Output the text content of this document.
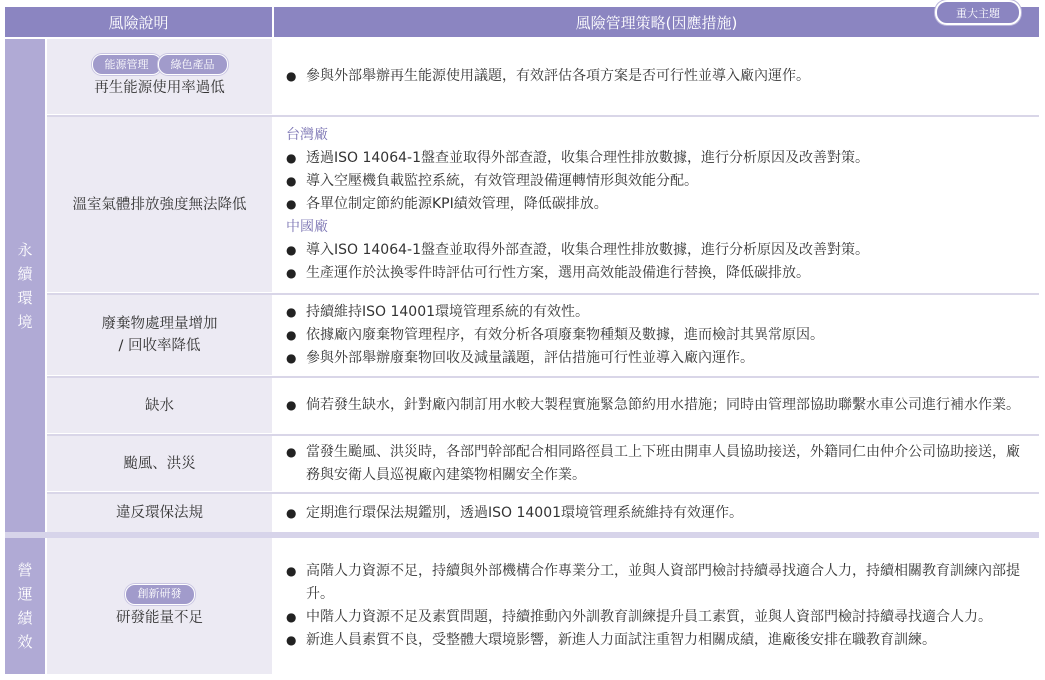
風險說明	風險管理策略(因應措施)
重大主題
永
續
環
境
能源管理	綠色產品
再生能源使用率過低
● 參與外部舉辦再生能源使用議題，有效評估各項方案是否可行性並導入廠內運作。
溫室氣體排放強度無法降低
台灣廠
● 透過ISO 14064-1盤查並取得外部查證，收集合理性排放數據，進行分析原因及改善對策。
● 導入空壓機負載監控系統，有效管理設備運轉情形與效能分配。
● 各單位制定節約能源KPI績效管理，降低碳排放。
中國廠
● 導入ISO 14064-1盤查並取得外部查證，收集合理性排放數據，進行分析原因及改善對策。
● 生產運作於汰換零件時評估可行性方案，選用高效能設備進行替換，降低碳排放。
廢棄物處理量增加
/ 回收率降低
● 持續維持ISO 14001環境管理系統的有效性。
● 依據廠內廢棄物管理程序，有效分析各項廢棄物種類及數據，進而檢討其異常原因。
● 參與外部舉辦廢棄物回收及減量議題，評估措施可行性並導入廠內運作。
缺水	● 倘若發生缺水，針對廠內制訂用水較大製程實施緊急節約用水措施；同時由管理部協助聯繫水車公司進行補水作業。
颱風、洪災
● 當發生颱風、洪災時，各部門幹部配合相同路徑員工上下班由開車人員協助接送，外籍同仁由仲介公司協助接送，廠務與安衛人員巡視廠內建築物相關安全作業。
違反環保法規	● 定期進行環保法規鑑別，透過ISO 14001環境管理系統維持有效運作。
營
運
績
效
創新研發
研發能量不足
● 高階人力資源不足，持續與外部機構合作專業分工，並與人資部門檢討持續尋找適合人力，持續相關教育訓練內部提升。
● 中階人力資源不足及素質問題，持續推動內外訓教育訓練提升員工素質，並與人資部門檢討持續尋找適合人力。
● 新進人員素質不良，受整體大環境影響，新進人力面試注重智力相關成績，進廠後安排在職教育訓練。
